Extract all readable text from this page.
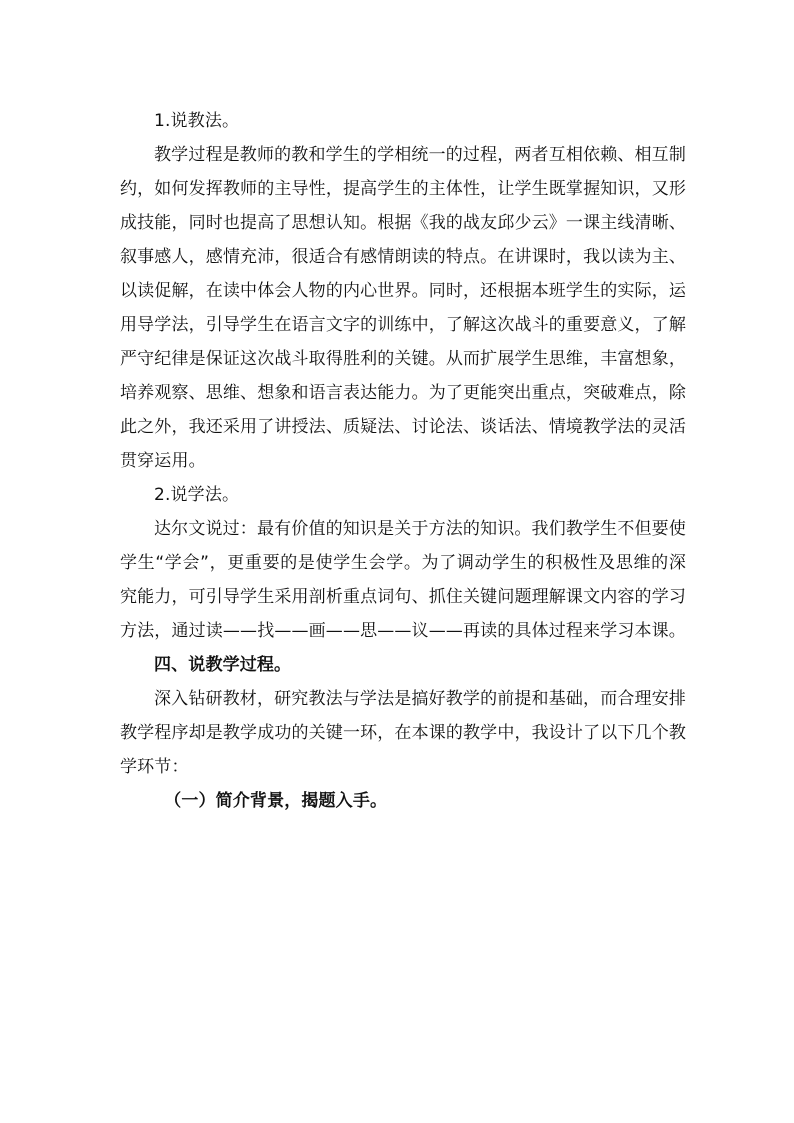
1.说教法。

教学过程是教师的教和学生的学相统一的过程，两者互相依赖、相互制约，如何发挥教师的主导性，提高学生的主体性，让学生既掌握知识，又形成技能，同时也提高了思想认知。根据《我的战友邱少云》一课主线清晰、叙事感人，感情充沛，很适合有感情朗读的特点。在讲课时，我以读为主、以读促解，在读中体会人物的内心世界。同时，还根据本班学生的实际，运用导学法，引导学生在语言文字的训练中，了解这次战斗的重要意义，了解严守纪律是保证这次战斗取得胜利的关键。从而扩展学生思维，丰富想象，培养观察、思维、想象和语言表达能力。为了更能突出重点，突破难点，除此之外，我还采用了讲授法、质疑法、讨论法、谈话法、情境教学法的灵活贯穿运用。

2.说学法。

达尔文说过：最有价值的知识是关于方法的知识。我们教学生不但要使学生“学会”，更重要的是使学生会学。为了调动学生的积极性及思维的深究能力，可引导学生采用剖析重点词句、抓住关键问题理解课文内容的学习方法，通过读——找——画——思——议——再读的具体过程来学习本课。

四、说教学过程。

深入钻研教材，研究教法与学法是搞好教学的前提和基础，而合理安排教学程序却是教学成功的关键一环，在本课的教学中，我设计了以下几个教学环节：

（一）简介背景，揭题入手。
